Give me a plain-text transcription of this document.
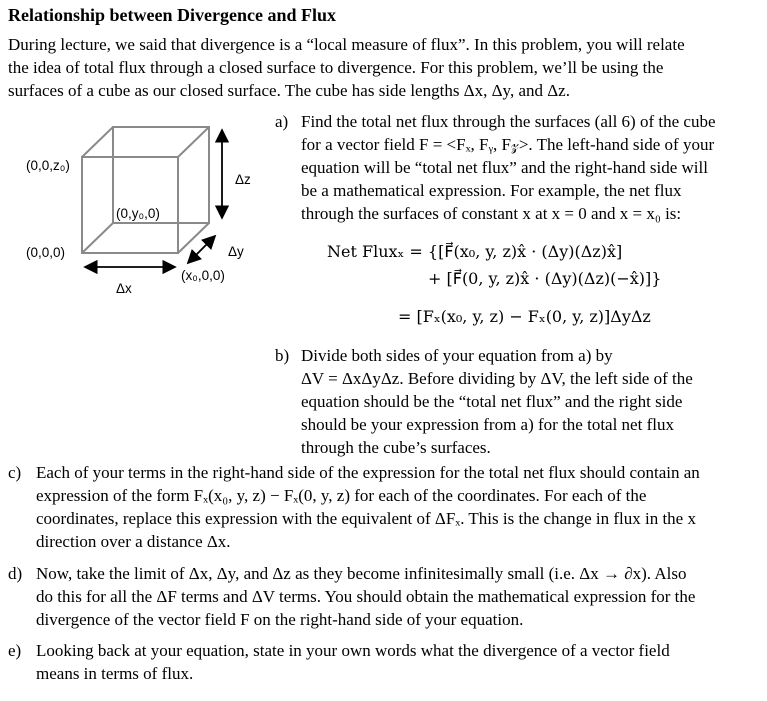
Relationship between Divergence and Flux
During lecture, we said that divergence is a “local measure of flux”. In this problem, you will relate
the idea of total flux through a closed surface to divergence. For this problem, we’ll be using the
surfaces of a cube as our closed surface. The cube has side lengths Δx, Δy, and Δz.
(0,0,z₀)
(0,0,0)
(0,y₀,0)
(x₀,0,0)
Δx
Δy
Δz
a) Find the total net flux through the surfaces (all 6) of the cube
for a vector field F = <Fₓ, Fᵧ, F𝓏>. The left-hand side of your
equation will be “total net flux” and the right-hand side will
be a mathematical expression. For example, the net flux
through the surfaces of constant x at x = 0 and x = x₀ is:
Net Fluxₓ = {[F⃗(x₀, y, z)x̂ · (Δy)(Δz)x̂]
+ [F⃗(0, y, z)x̂ · (Δy)(Δz)(−x̂)]}
= [Fₓ(x₀, y, z) − Fₓ(0, y, z)]ΔyΔz
b) Divide both sides of your equation from a) by
ΔV = ΔxΔyΔz. Before dividing by ΔV, the left side of the
equation should be the “total net flux” and the right side
should be your expression from a) for the total net flux
through the cube’s surfaces.
c) Each of your terms in the right-hand side of the expression for the total net flux should contain an
expression of the form Fₓ(x₀, y, z) − Fₓ(0, y, z) for each of the coordinates. For each of the
coordinates, replace this expression with the equivalent of ΔFₓ. This is the change in flux in the x
direction over a distance Δx.
d) Now, take the limit of Δx, Δy, and Δz as they become infinitesimally small (i.e. Δx → ∂x). Also
do this for all the ΔF terms and ΔV terms. You should obtain the mathematical expression for the
divergence of the vector field F on the right-hand side of your equation.
e) Looking back at your equation, state in your own words what the divergence of a vector field
means in terms of flux.
